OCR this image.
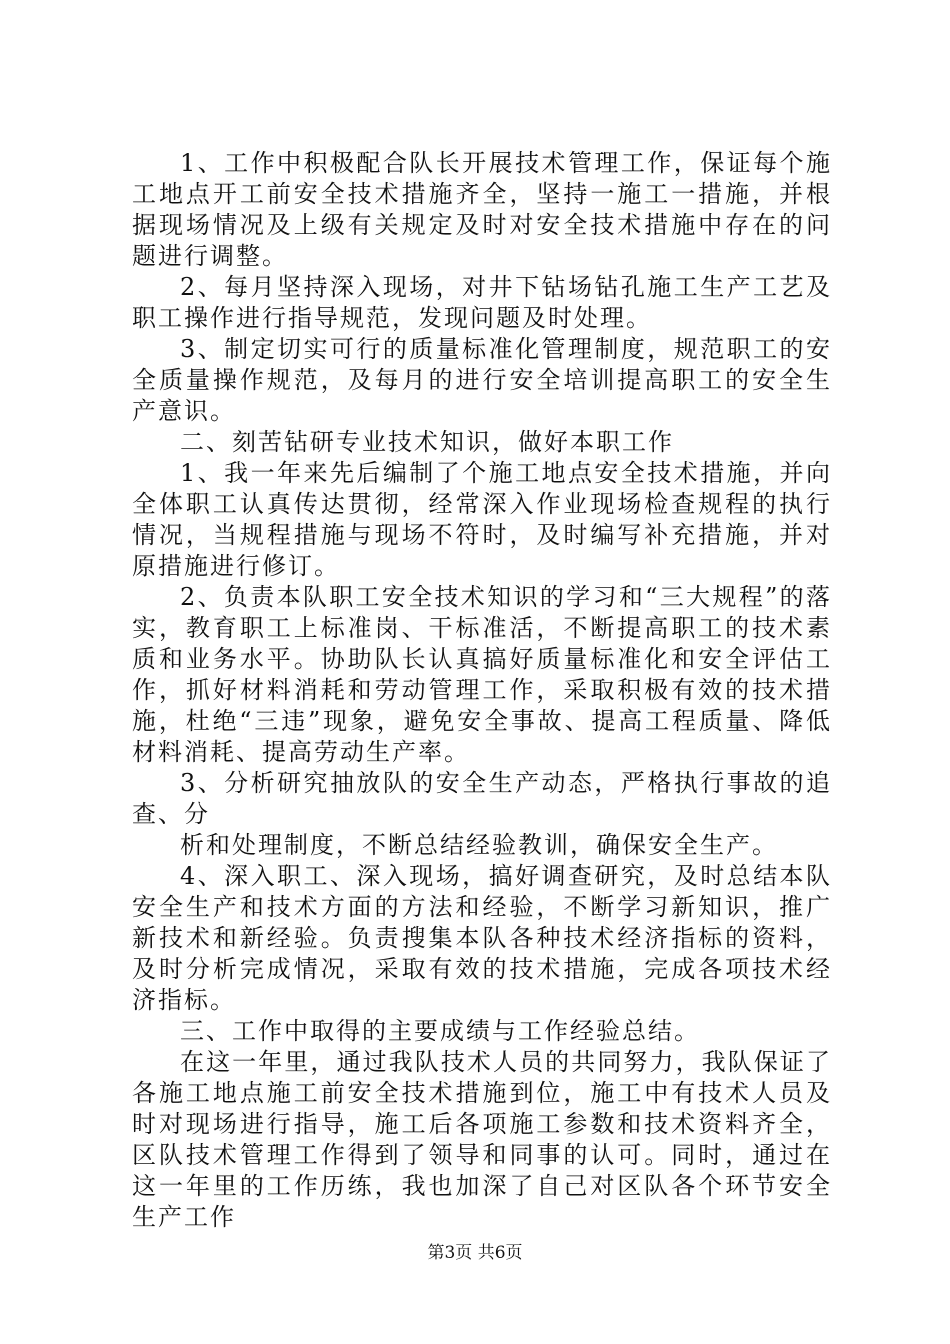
1、工作中积极配合队长开展技术管理工作，保证每个施工地点开工前安全技术措施齐全，坚持一施工一措施，并根据现场情况及上级有关规定及时对安全技术措施中存在的问题进行调整。

2、每月坚持深入现场，对井下钻场钻孔施工生产工艺及职工操作进行指导规范，发现问题及时处理。

3、制定切实可行的质量标准化管理制度，规范职工的安全质量操作规范，及每月的进行安全培训提高职工的安全生产意识。

二、刻苦钻研专业技术知识，做好本职工作

1、我一年来先后编制了个施工地点安全技术措施，并向全体职工认真传达贯彻，经常深入作业现场检查规程的执行情况，当规程措施与现场不符时，及时编写补充措施，并对原措施进行修订。

2、负责本队职工安全技术知识的学习和“三大规程”的落实，教育职工上标准岗、干标准活，不断提高职工的技术素质和业务水平。协助队长认真搞好质量标准化和安全评估工作，抓好材料消耗和劳动管理工作，采取积极有效的技术措施，杜绝“三违”现象，避免安全事故、提高工程质量、降低材料消耗、提高劳动生产率。

3、分析研究抽放队的安全生产动态，严格执行事故的追查、分

析和处理制度，不断总结经验教训，确保安全生产。

4、深入职工、深入现场，搞好调查研究，及时总结本队安全生产和技术方面的方法和经验，不断学习新知识，推广新技术和新经验。负责搜集本队各种技术经济指标的资料，及时分析完成情况，采取有效的技术措施，完成各项技术经济指标。

三、工作中取得的主要成绩与工作经验总结。

在这一年里，通过我队技术人员的共同努力，我队保证了各施工地点施工前安全技术措施到位，施工中有技术人员及时对现场进行指导，施工后各项施工参数和技术资料齐全，区队技术管理工作得到了领导和同事的认可。同时，通过在这一年里的工作历练，我也加深了自己对区队各个环节安全生产工作

第3页 共6页
